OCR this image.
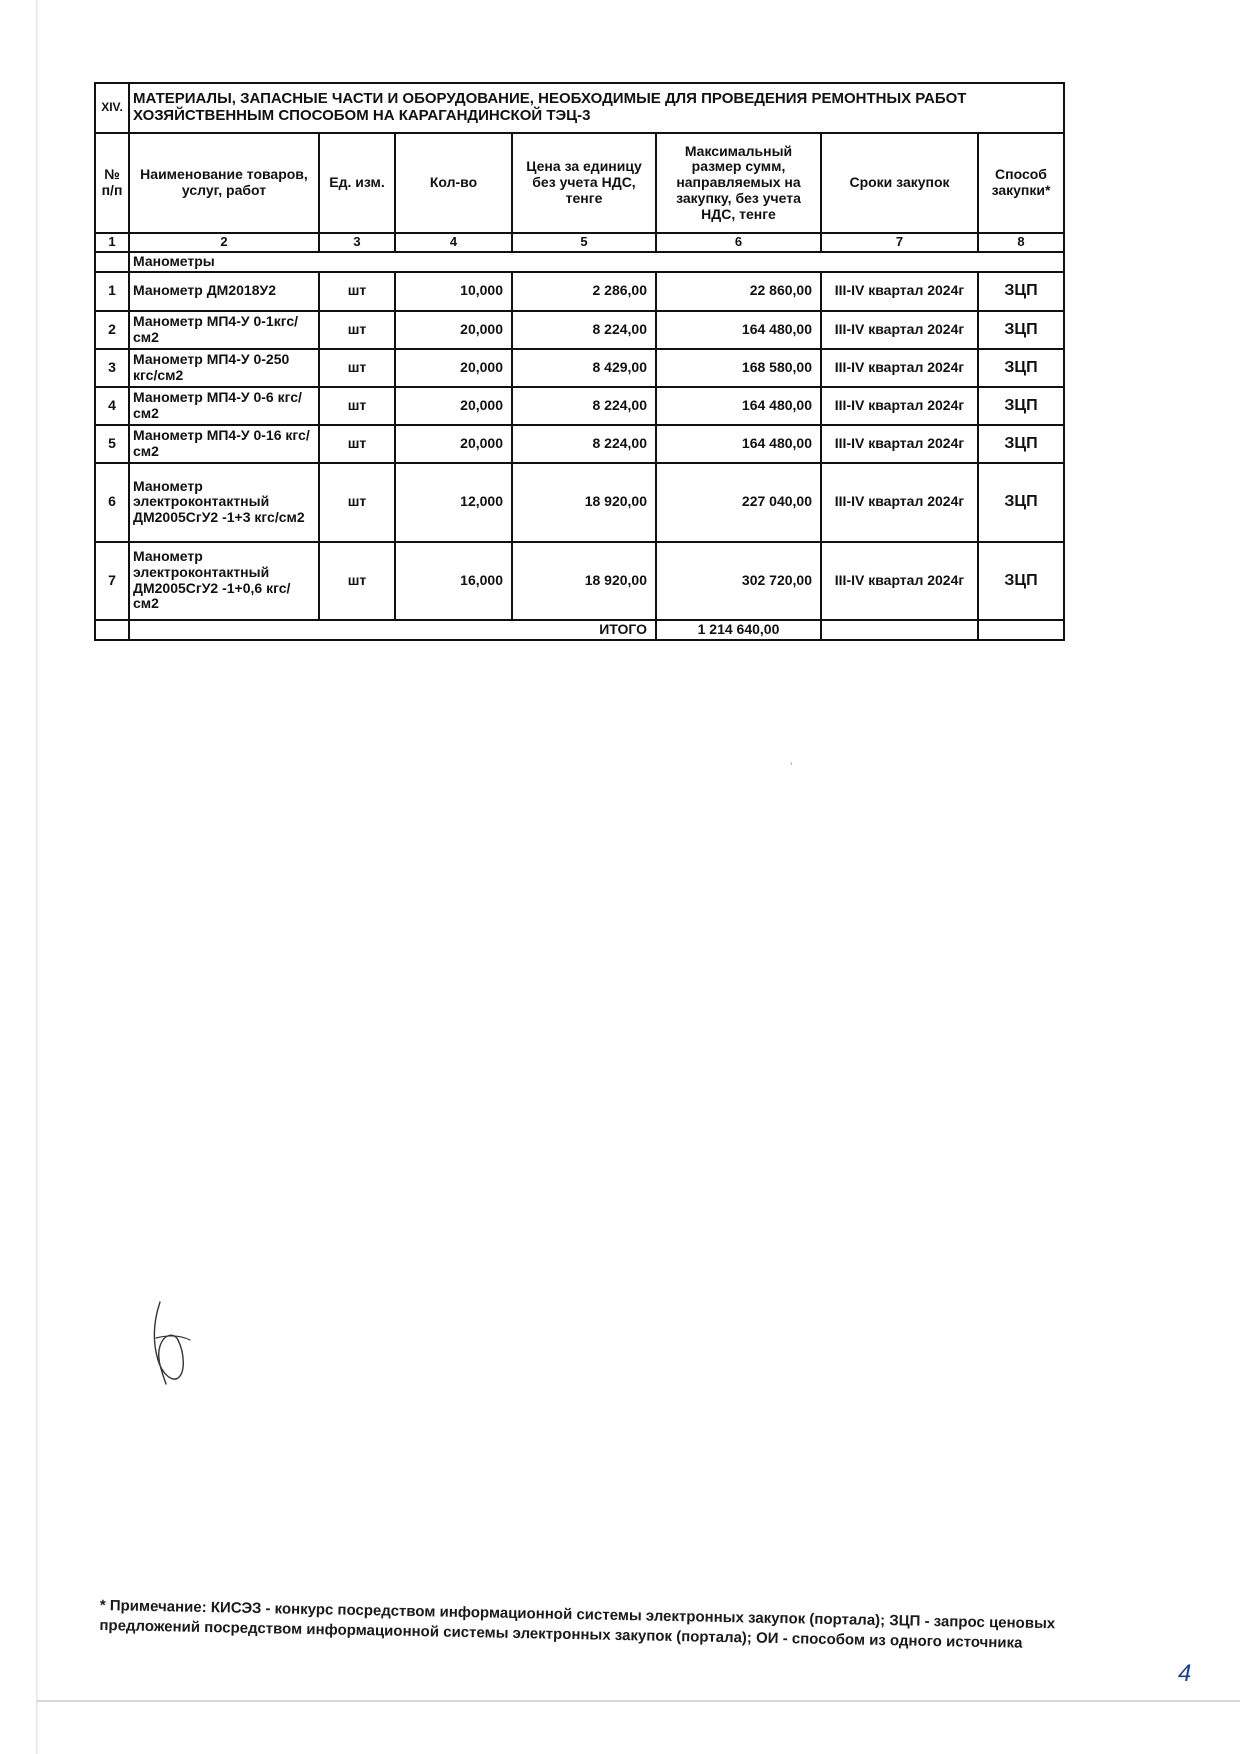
XIV.	МАТЕРИАЛЫ, ЗАПАСНЫЕ ЧАСТИ И ОБОРУДОВАНИЕ, НЕОБХОДИМЫЕ ДЛЯ ПРОВЕДЕНИЯ РЕМОНТНЫХ РАБОТ ХОЗЯЙСТВЕННЫМ СПОСОБОМ НА КАРАГАНДИНСКОЙ ТЭЦ-3						
№ п/п	Наименование товаров, услуг, работ	Ед. изм.	Кол-во	Цена за единицу без учета НДС, тенге	Максимальный размер сумм, направляемых на закупку, без учета НДС, тенге	Сроки закупок	Способ закупки*
1	2	3	4	5	6	7	8
	Манометры						
1	Манометр ДМ2018У2	шт	10,000	2 286,00	22 860,00	III-IV квартал 2024г	ЗЦП
2	Манометр МП4-У 0-1кгс/см2	шт	20,000	8 224,00	164 480,00	III-IV квартал 2024г	ЗЦП
3	Манометр МП4-У 0-250 кгс/см2	шт	20,000	8 429,00	168 580,00	III-IV квартал 2024г	ЗЦП
4	Манометр МП4-У 0-6 кгс/см2	шт	20,000	8 224,00	164 480,00	III-IV квартал 2024г	ЗЦП
5	Манометр МП4-У 0-16 кгс/см2	шт	20,000	8 224,00	164 480,00	III-IV квартал 2024г	ЗЦП
6	Манометр электроконтактный ДМ2005СгУ2 -1+3 кгс/см2	шт	12,000	18 920,00	227 040,00	III-IV квартал 2024г	ЗЦП
7	Манометр электроконтактный ДМ2005СгУ2 -1+0,6 кгс/см2	шт	16,000	18 920,00	302 720,00	III-IV квартал 2024г	ЗЦП
	ИТОГО				1 214 640,00		
ʼ
* Примечание: КИСЭЗ - конкурс посредством информационной системы электронных закупок (портала); ЗЦП - запрос ценовых предложений посредством информационной системы электронных закупок (портала); ОИ - способом из одного источника
4
